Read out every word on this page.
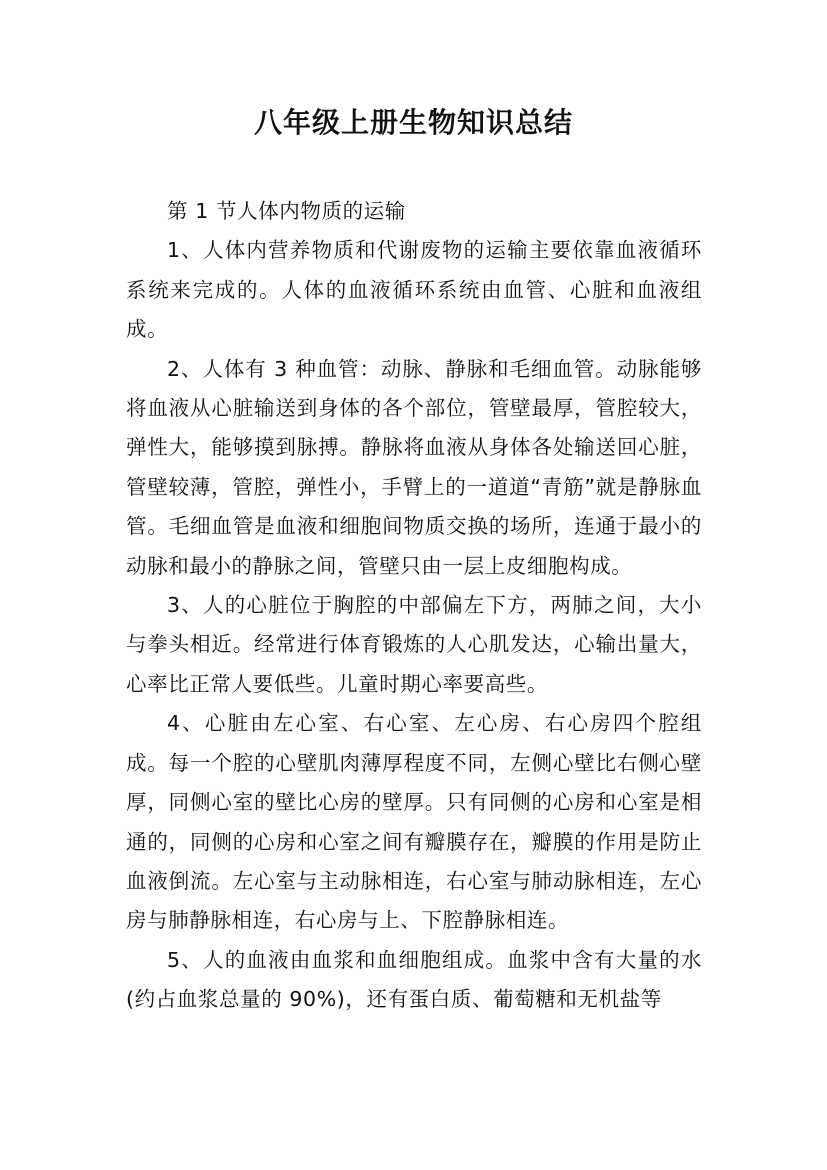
八年级上册生物知识总结

第 1 节人体内物质的运输

1、人体内营养物质和代谢废物的运输主要依靠血液循环系统来完成的。人体的血液循环系统由血管、心脏和血液组成。

2、人体有 3 种血管：动脉、静脉和毛细血管。动脉能够将血液从心脏输送到身体的各个部位，管壁最厚，管腔较大，弹性大，能够摸到脉搏。静脉将血液从身体各处输送回心脏，管壁较薄，管腔，弹性小，手臂上的一道道“青筋”就是静脉血管。毛细血管是血液和细胞间物质交换的场所，连通于最小的动脉和最小的静脉之间，管壁只由一层上皮细胞构成。

3、人的心脏位于胸腔的中部偏左下方，两肺之间，大小与拳头相近。经常进行体育锻炼的人心肌发达，心输出量大，心率比正常人要低些。儿童时期心率要高些。

4、心脏由左心室、右心室、左心房、右心房四个腔组成。每一个腔的心壁肌肉薄厚程度不同，左侧心壁比右侧心壁厚，同侧心室的壁比心房的壁厚。只有同侧的心房和心室是相通的，同侧的心房和心室之间有瓣膜存在，瓣膜的作用是防止血液倒流。左心室与主动脉相连，右心室与肺动脉相连，左心房与肺静脉相连，右心房与上、下腔静脉相连。

5、人的血液由血浆和血细胞组成。血浆中含有大量的水(约占血浆总量的 90%)，还有蛋白质、葡萄糖和无机盐等
